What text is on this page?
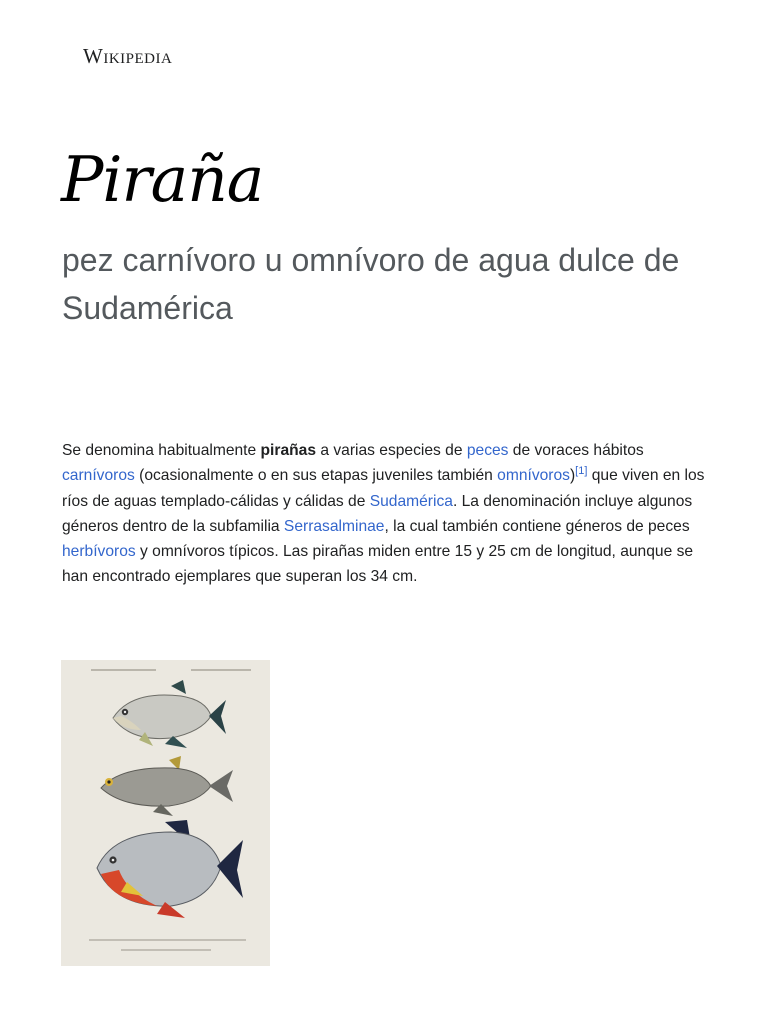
Wikipedia
Piraña

pez carnívoro u omnívoro de agua dulce de Sudamérica

Se denomina habitualmente pirañas a varias especies de peces de voraces hábitos carnívoros (ocasionalmente o en sus etapas juveniles también omnívoros)[1] que viven en los ríos de aguas templado-cálidas y cálidas de Sudamérica. La denominación incluye algunos géneros dentro de la subfamilia Serrasalminae, la cual también contiene géneros de peces herbívoros y omnívoros típicos. Las pirañas miden entre 15 y 25 cm de longitud, aunque se han encontrado ejemplares que superan los 34 cm.
